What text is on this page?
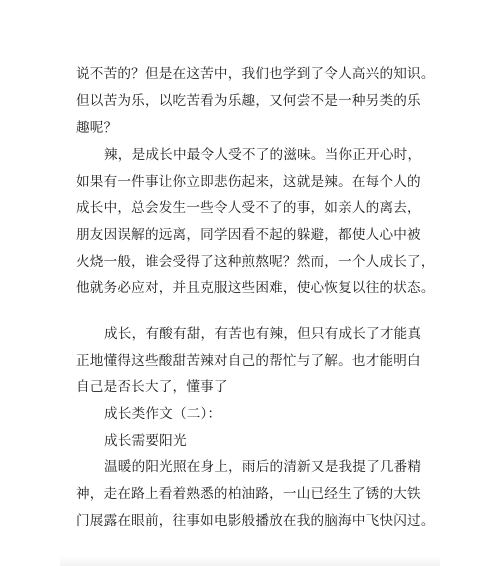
说不苦的？但是在这苦中，我们也学到了令人高兴的知识。
但以苦为乐，以吃苦看为乐趣，又何尝不是一种另类的乐
趣呢？
辣，是成长中最令人受不了的滋味。当你正开心时，
如果有一件事让你立即悲伤起来，这就是辣。在每个人的
成长中，总会发生一些令人受不了的事，如亲人的离去，
朋友因误解的远离，同学因看不起的躲避，都使人心中被
火烧一般，谁会受得了这种煎熬呢？然而，一个人成长了，
他就务必应对，并且克服这些困难，使心恢复以往的状态。
成长，有酸有甜，有苦也有辣，但只有成长了才能真
正地懂得这些酸甜苦辣对自己的帮忙与了解。也才能明白
自己是否长大了，懂事了
成长类作文（二）：
成长需要阳光
温暖的阳光照在身上，雨后的清新又是我提了几番精
神，走在路上看着熟悉的柏油路，一山已经生了锈的大铁
门展露在眼前，往事如电影般播放在我的脑海中飞快闪过。
